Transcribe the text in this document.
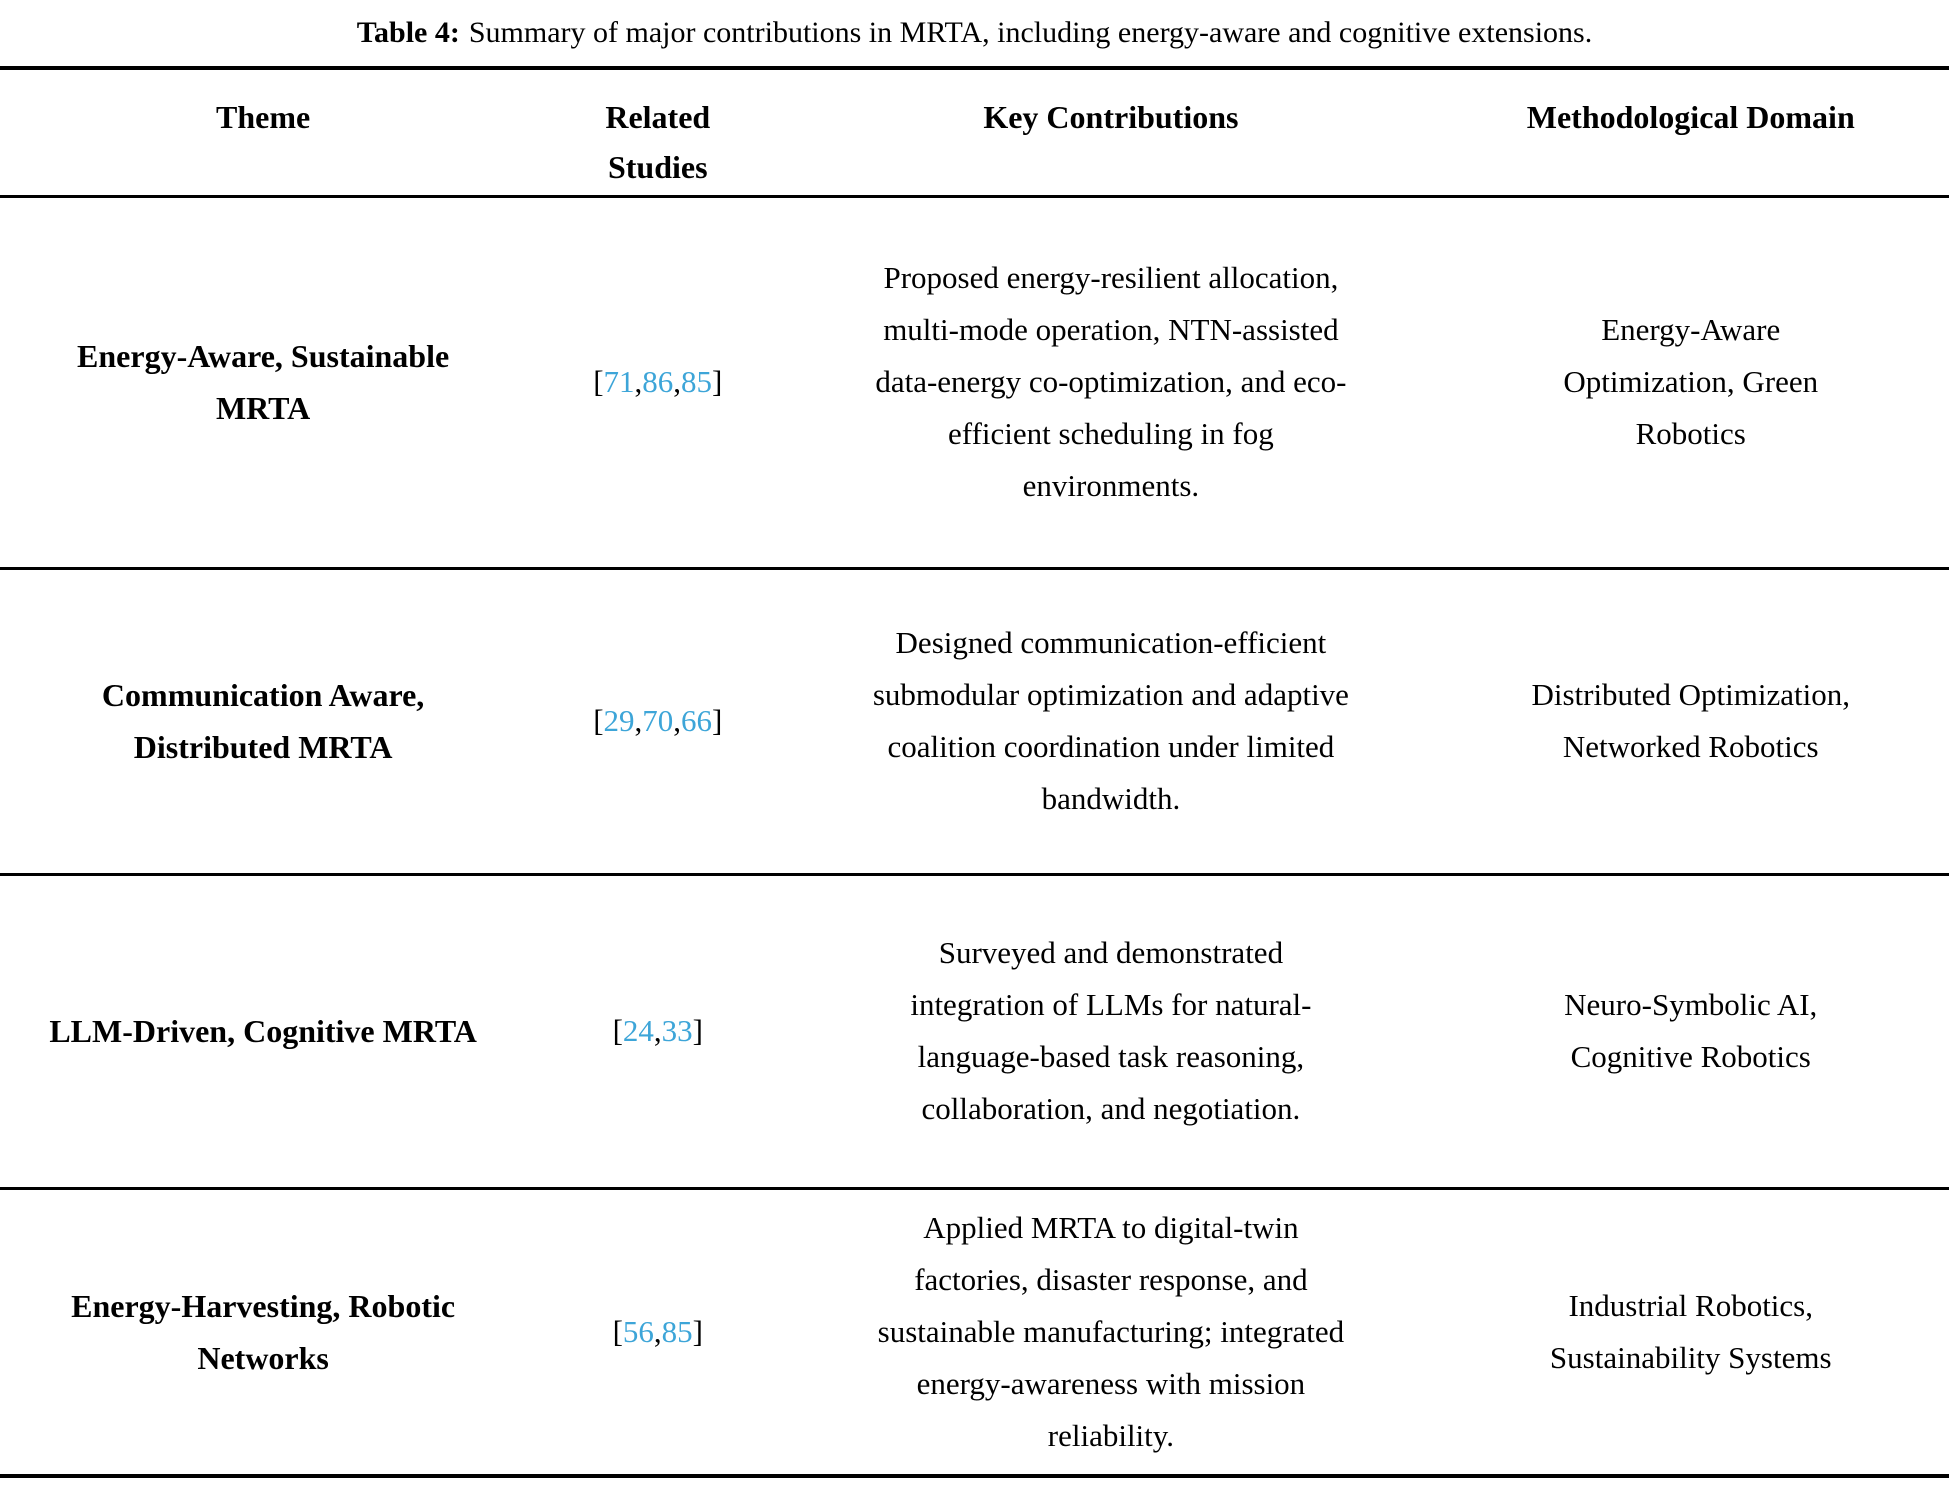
Table 4: Summary of major contributions in MRTA, including energy-aware and cognitive extensions.
Theme	Related Studies	Key Contributions	Methodological Domain

Energy-Aware, Sustainable MRTA	[71,86,85]	Proposed energy-resilient allocation, multi-mode operation, NTN-assisted data-energy co-optimization, and eco-efficient scheduling in fog environments.	Energy-Aware Optimization, Green Robotics

Communication Aware, Distributed MRTA	[29,70,66]	Designed communication-efficient submodular optimization and adaptive coalition coordination under limited bandwidth.	Distributed Optimization, Networked Robotics

LLM-Driven, Cognitive MRTA	[24,33]	Surveyed and demonstrated integration of LLMs for natural-language-based task reasoning, collaboration, and negotiation.	Neuro-Symbolic AI, Cognitive Robotics

Energy-Harvesting, Robotic Networks	[56,85]	Applied MRTA to digital-twin factories, disaster response, and sustainable manufacturing; integrated energy-awareness with mission reliability.	Industrial Robotics, Sustainability Systems
